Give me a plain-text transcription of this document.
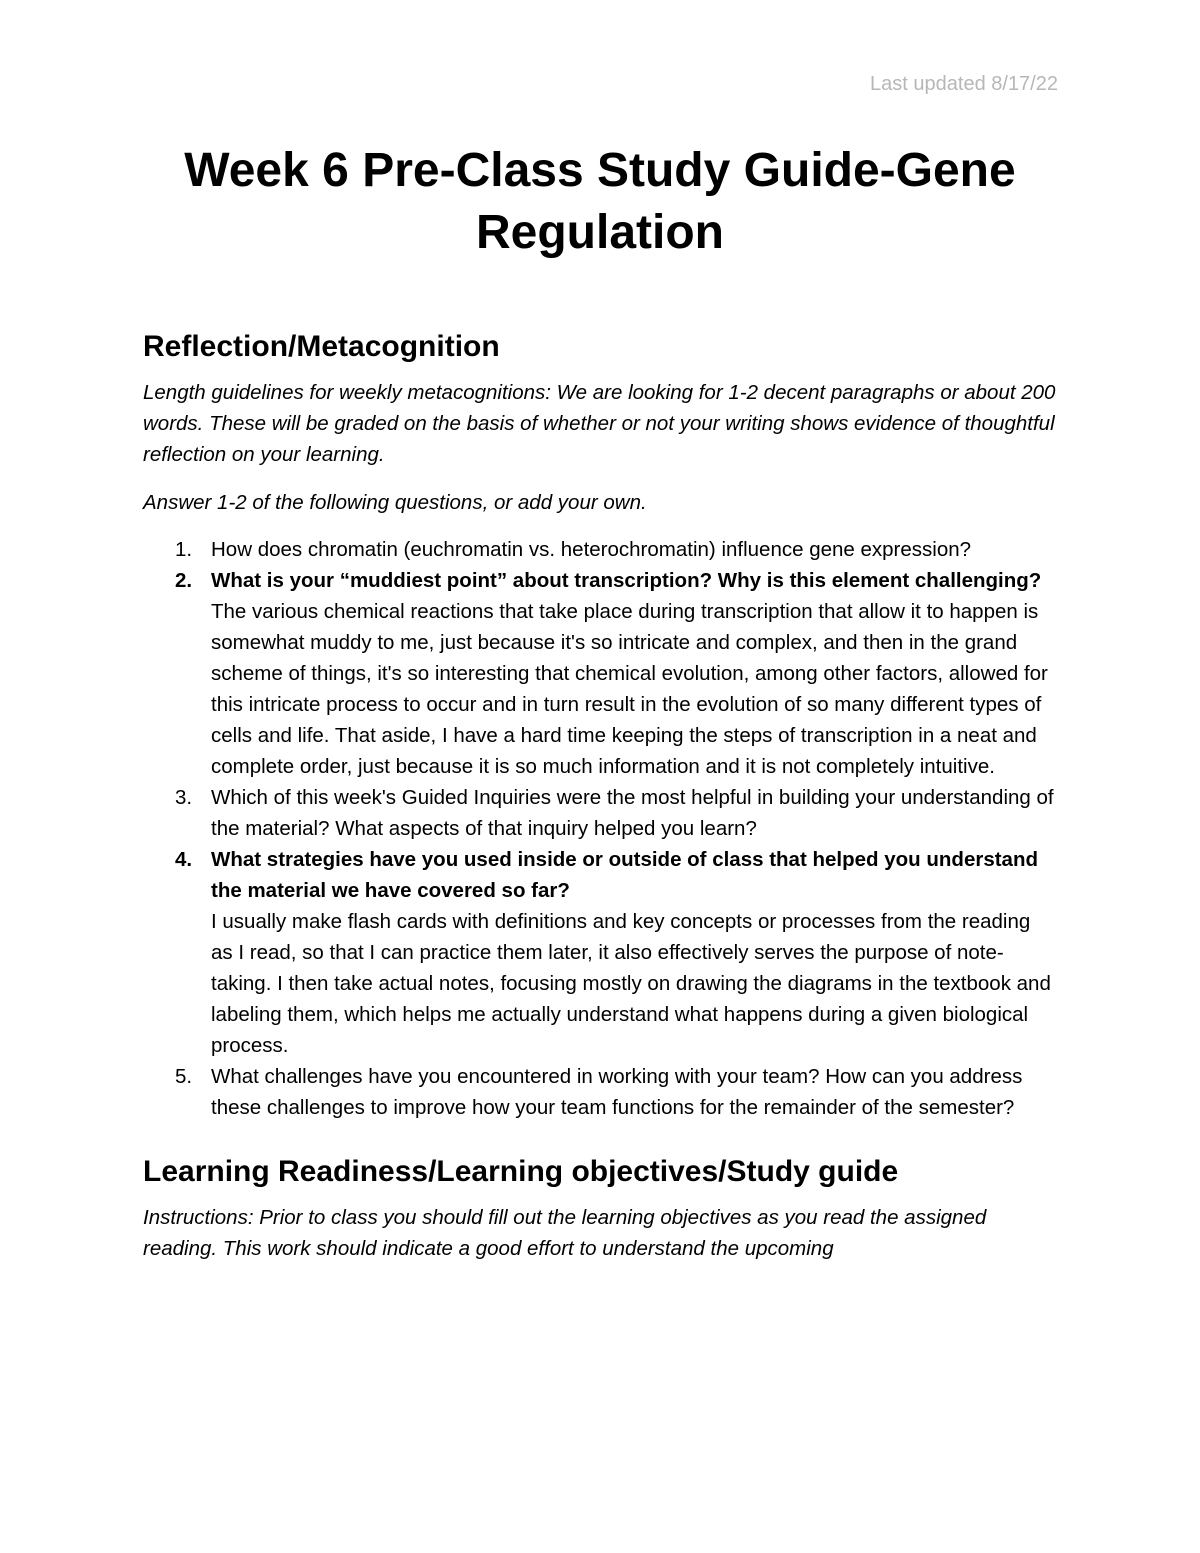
Last updated 8/17/22
Week 6 Pre-Class Study Guide-Gene Regulation
Reflection/Metacognition

Length guidelines for weekly metacognitions: We are looking for 1-2 decent paragraphs or about 200 words. These will be graded on the basis of whether or not your writing shows evidence of thoughtful reflection on your learning.

Answer 1-2 of the following questions, or add your own.

1. How does chromatin (euchromatin vs. heterochromatin) influence gene expression?
2. What is your “muddiest point” about transcription? Why is this element challenging?
The various chemical reactions that take place during transcription that allow it to happen is somewhat muddy to me, just because it's so intricate and complex, and then in the grand scheme of things, it's so interesting that chemical evolution, among other factors, allowed for this intricate process to occur and in turn result in the evolution of so many different types of cells and life. That aside, I have a hard time keeping the steps of transcription in a neat and complete order, just because it is so much information and it is not completely intuitive.
3. Which of this week's Guided Inquiries were the most helpful in building your understanding of the material? What aspects of that inquiry helped you learn?
4. What strategies have you used inside or outside of class that helped you understand the material we have covered so far?
I usually make flash cards with definitions and key concepts or processes from the reading as I read, so that I can practice them later, it also effectively serves the purpose of note-taking. I then take actual notes, focusing mostly on drawing the diagrams in the textbook and labeling them, which helps me actually understand what happens during a given biological process.
5. What challenges have you encountered in working with your team? How can you address these challenges to improve how your team functions for the remainder of the semester?
Learning Readiness/Learning objectives/Study guide

Instructions: Prior to class you should fill out the learning objectives as you read the assigned reading. This work should indicate a good effort to understand the upcoming
